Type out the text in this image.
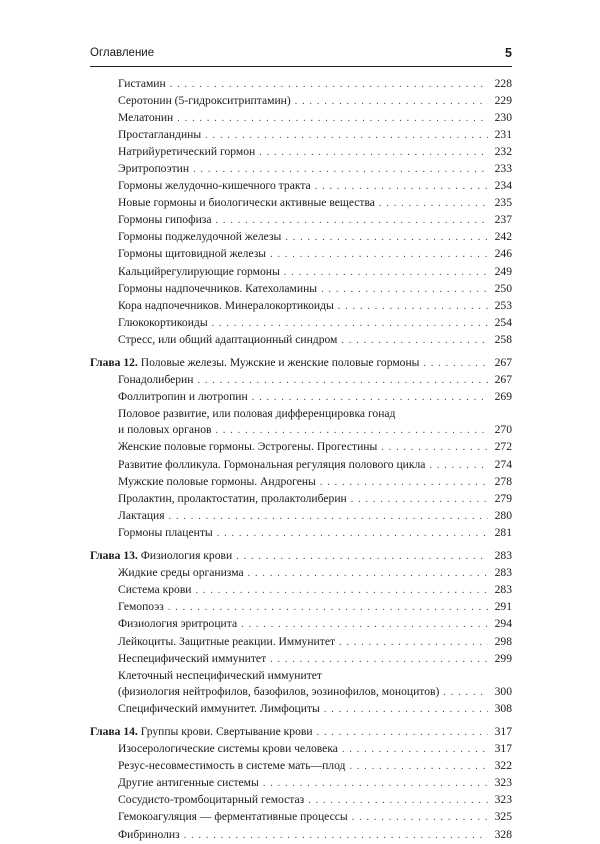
Оглавление	5
Гистамин . . .	228
Серотонин (5-гидрокситриптамин) . . .	229
Мелатонин . . .	230
Простагландины . . .	231
Натрийуретический гормон . . .	232
Эритропоэтин . . .	233
Гормоны желудочно-кишечного тракта . . .	234
Новые гормоны и биологически активные вещества . . .	235
Гормоны гипофиза . . .	237
Гормоны поджелудочной железы . . .	242
Гормоны щитовидной железы . . .	246
Кальцийрегулирующие гормоны . . .	249
Гормоны надпочечников. Катехоламины . . .	250
Кора надпочечников. Минералокортикоиды . . .	253
Глюкокортикоиды . . .	254
Стресс, или общий адаптационный синдром . . .	258
Глава 12. Половые железы. Мужские и женские половые гормоны . . .	267
Гонадолиберин . . .	267
Фоллитропин и лютропин . . .	269
Половое развитие, или половая дифференцировка гонад
и половых органов . . .	270
Женские половые гормоны. Эстрогены. Прогестины . . .	272
Развитие фолликула. Гормональная регуляция полового цикла . . .	274
Мужские половые гормоны. Андрогены . . .	278
Пролактин, пролактостатин, пролактолиберин . . .	279
Лактация . . .	280
Гормоны плаценты . . .	281
Глава 13. Физиология крови . . .	283
Жидкие среды организма . . .	283
Система крови . . .	283
Гемопоэз . . .	291
Физиология эритроцита . . .	294
Лейкоциты. Защитные реакции. Иммунитет . . .	298
Неспецифический иммунитет . . .	299
Клеточный неспецифический иммунитет
(физиология нейтрофилов, базофилов, эозинофилов, моноцитов) . . .	300
Специфический иммунитет. Лимфоциты . . .	308
Глава 14. Группы крови. Свертывание крови . . .	317
Изосерологические системы крови человека . . .	317
Резус-несовместимость в системе мать—плод . . .	322
Другие антигенные системы . . .	323
Сосудисто-тромбоцитарный гемостаз . . .	323
Гемокоагуляция — ферментативные процессы . . .	325
Фибринолиз . . .	328
